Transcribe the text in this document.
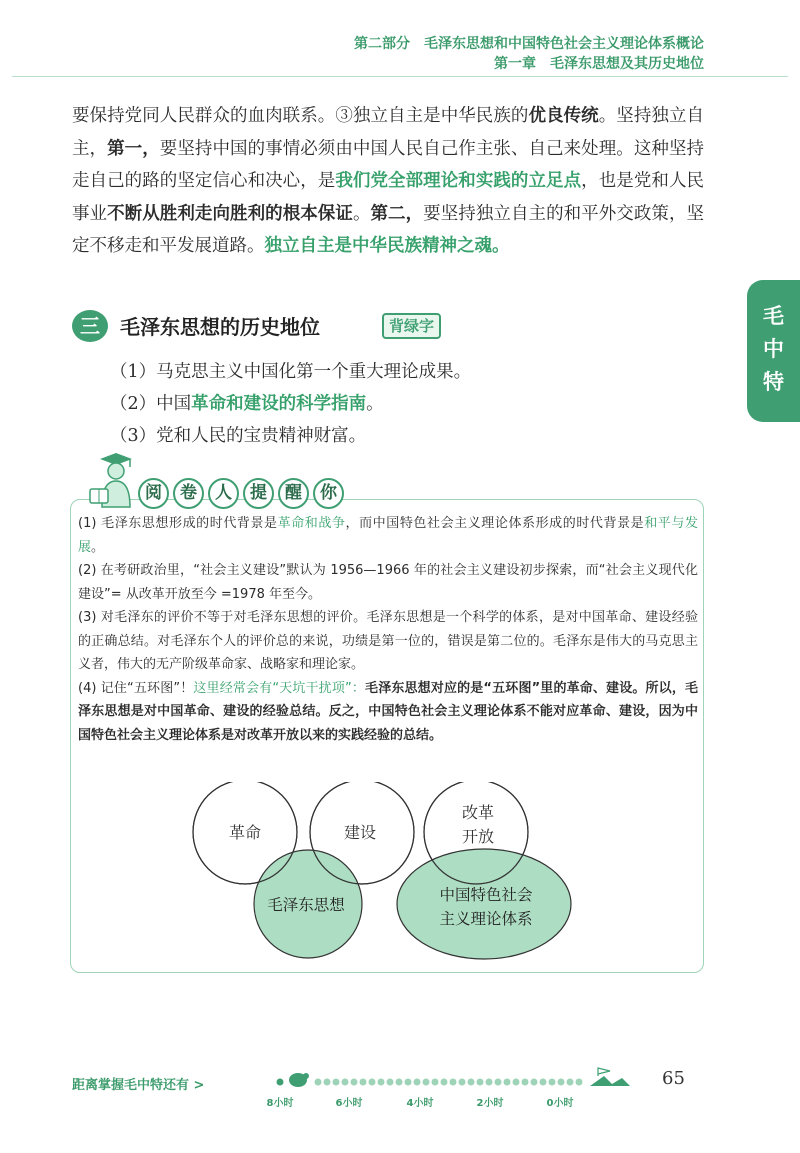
第二部分　毛泽东思想和中国特色社会主义理论体系概论
第一章　毛泽东思想及其历史地位
要保持党同人民群众的血肉联系。③独立自主是中华民族的优良传统。坚持独立自主，第一，要坚持中国的事情必须由中国人民自己作主张、自己来处理。这种坚持走自己的路的坚定信心和决心，是我们党全部理论和实践的立足点，也是党和人民事业不断从胜利走向胜利的根本保证。第二，要坚持独立自主的和平外交政策，坚定不移走和平发展道路。独立自主是中华民族精神之魂。
毛
中
特
三	毛泽东思想的历史地位	背绿字
（1）马克思主义中国化第一个重大理论成果。
（2）中国革命和建设的科学指南。
（3）党和人民的宝贵精神财富。
阅 卷 人 提 醒 你

(1) 毛泽东思想形成的时代背景是革命和战争，而中国特色社会主义理论体系形成的时代背景是和平与发展。

(2) 在考研政治里，“社会主义建设”默认为 1956—1966 年的社会主义建设初步探索，而“社会主义现代化建设”= 从改革开放至今 =1978 年至今。

(3) 对毛泽东的评价不等于对毛泽东思想的评价。毛泽东思想是一个科学的体系，是对中国革命、建设经验的正确总结。对毛泽东个人的评价总的来说，功绩是第一位的，错误是第二位的。毛泽东是伟大的马克思主义者，伟大的无产阶级革命家、战略家和理论家。

(4) 记住“五环图”！这里经常会有“天坑干扰项”：毛泽东思想对应的是“五环图”里的革命、建设。所以，毛泽东思想是对中国革命、建设的经验总结。反之，中国特色社会主义理论体系不能对应革命、建设，因为中国特色社会主义理论体系是对改革开放以来的实践经验的总结。

革命	建设
改革
开放
毛泽东思想
中国特色社会
主义理论体系
距离掌握毛中特还有 >
8小时	6小时	4小时	2小时	0小时
65
